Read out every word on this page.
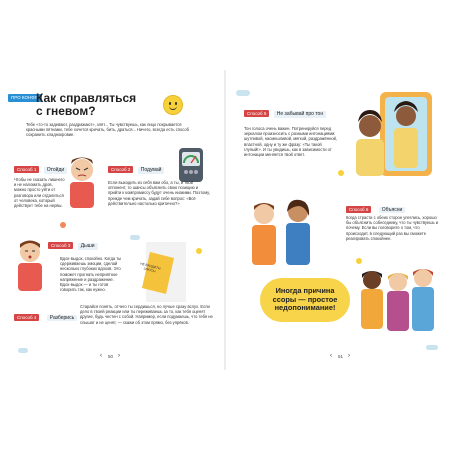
ПРО КОНФЛ.
Как справляться
с гневом?
Тебе «то-то задевают, раздражают», злят... Ты чувствуешь, как лицо покрывается красными пятнами, тебе хочется кричать, бить, драться... Ничего, всегда есть способ сохранить хладнокровие.
Способ 1 Отойди
Чтобы не сказать лишнего и не наломать дров, можно просто уйти от разговора или отдалиться от человека, который действует тебе на нервы.
Способ 2 Подумай
Если выходить из себя вам обо, а ты, и твой оппонент, то шансы объяснить свою позицию и прийти к компромиссу будут очень низкими. Поэтому, прежде чем кричать, задай себе вопрос: «Всё действительно настолько критично?»
Способ 3 Дыши
Вдох-выдох, спокойно. Когда ты сдерживаешь эмоции, сделай несколько глубоких вдохов. Это поможет прогнать неприятное напряжение и раздражение. Вдох-выдох — и ты готов говорить так, как нужно.
НЕ ВХОДИТЬ! ЗЛЮСЬ!
Способ 4	Разберись
Старайся понять, отчего ты сердишься, но лучше сразу вслух. Если дело в твоей реакции или ты переживаешь за то, как тебя оценят другие, будь честен с собой. Например, если подумаешь, что тебя не слышат и не ценят, — скажи об этом прямо, без упрёков.
‹ 50 ›
Способ 5 Не забывай про тон
Тон голоса очень важен. Потренируйся перед зеркалом произносить с разными интонациями: шутливой, насмешливой, мягкой, раздражённой, властной, одну и ту же фразу: «Ты такой глупый!». И ты увидишь, как в зависимости от интонации меняется твой ответ.
Способ 6	Объясни
Когда страсти с обеих сторон улеглись, хорошо бы объяснить собеседнику, что ты чувствуешь и почему. Если вы поговорите о том, что происходит, в следующий раз вы сможете реагировать спокойнее.
Иногда причина ссоры — простое недопонимание!
‹ 51 ›
